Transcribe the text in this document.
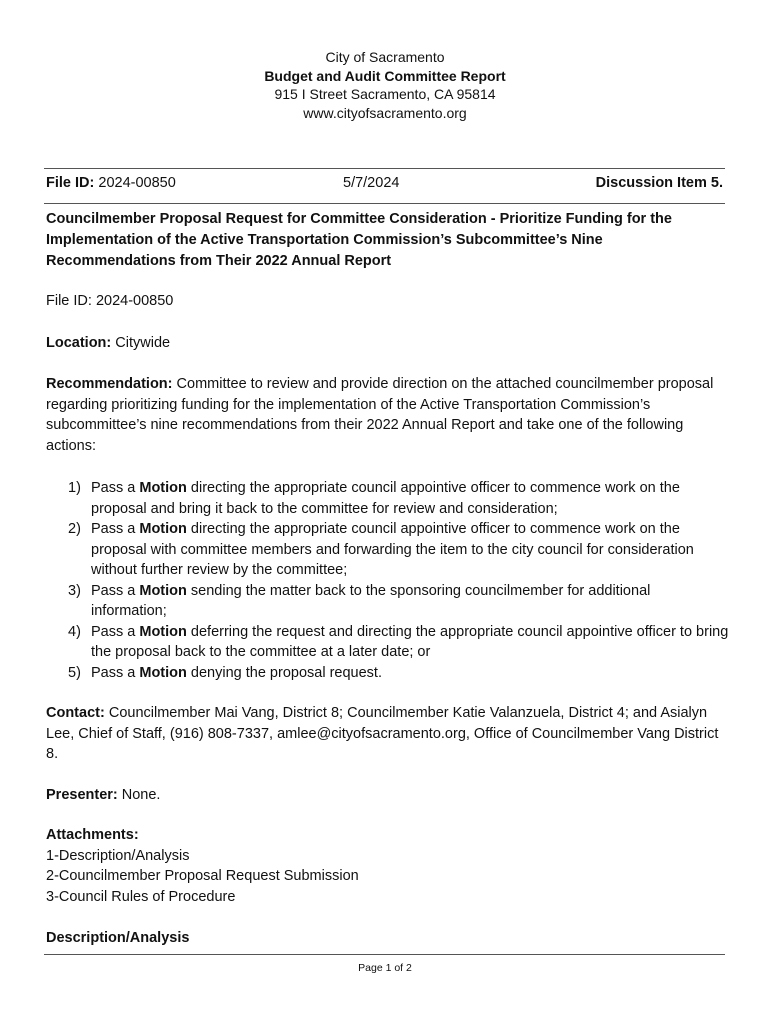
City of Sacramento
Budget and Audit Committee Report
915 I Street Sacramento, CA 95814
www.cityofsacramento.org
File ID: 2024-00850	5/7/2024	Discussion Item 5.
Councilmember Proposal Request for Committee Consideration - Prioritize Funding for the Implementation of the Active Transportation Commission’s Subcommittee’s Nine Recommendations from Their 2022 Annual Report
File ID: 2024-00850
Location: Citywide
Recommendation: Committee to review and provide direction on the attached councilmember proposal regarding prioritizing funding for the implementation of the Active Transportation Commission’s subcommittee’s nine recommendations from their 2022 Annual Report and take one of the following actions:
1) Pass a Motion directing the appropriate council appointive officer to commence work on the proposal and bring it back to the committee for review and consideration;
2) Pass a Motion directing the appropriate council appointive officer to commence work on the proposal with committee members and forwarding the item to the city council for consideration without further review by the committee;
3) Pass a Motion sending the matter back to the sponsoring councilmember for additional information;
4) Pass a Motion deferring the request and directing the appropriate council appointive officer to bring the proposal back to the committee at a later date; or
5) Pass a Motion denying the proposal request.
Contact: Councilmember Mai Vang, District 8; Councilmember Katie Valanzuela, District 4; and Asialyn Lee, Chief of Staff, (916) 808-7337, amlee@cityofsacramento.org, Office of Councilmember Vang District 8.
Presenter: None.
Attachments:
1-Description/Analysis
2-Councilmember Proposal Request Submission
3-Council Rules of Procedure
Description/Analysis
Page 1 of 2
